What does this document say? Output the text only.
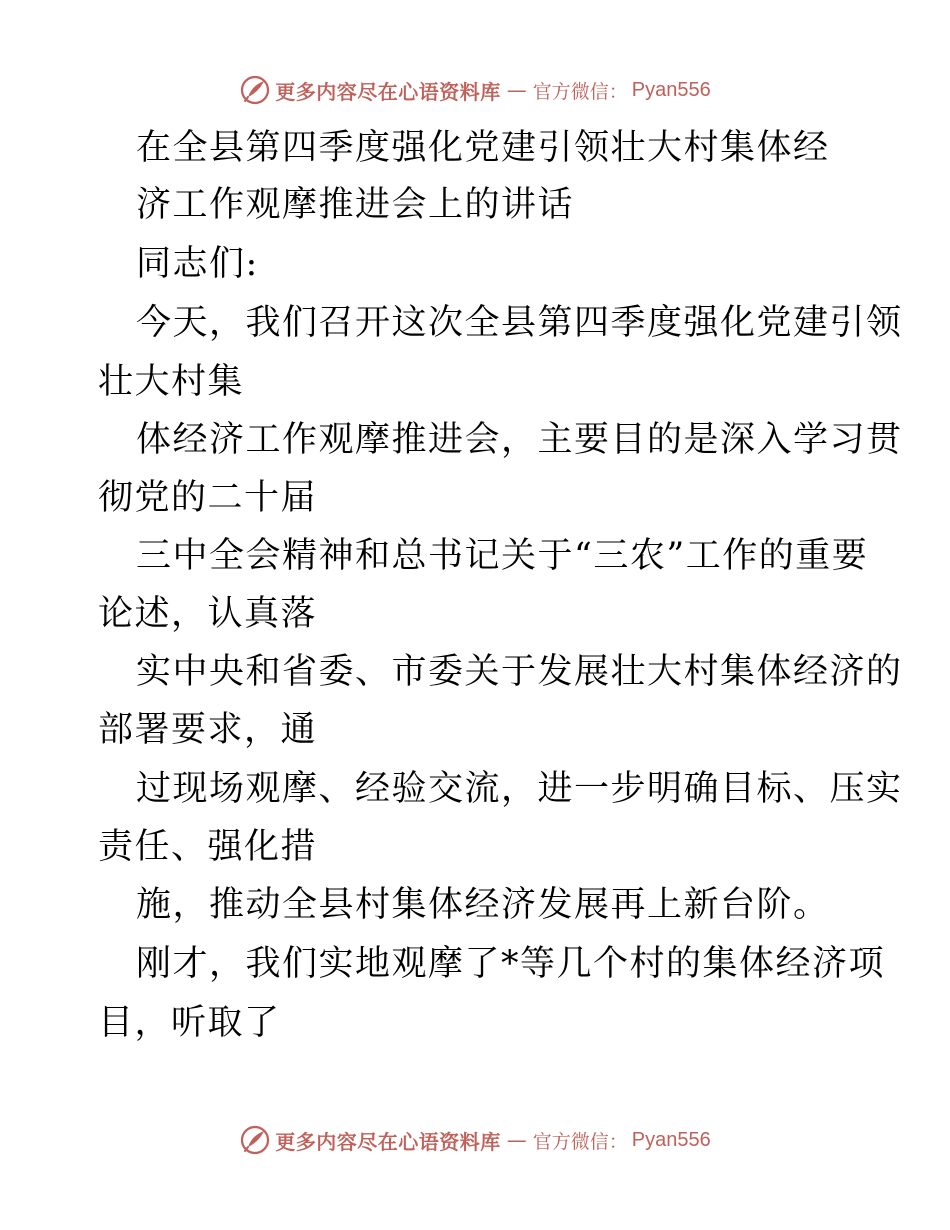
更多内容尽在心语资料库 — 官方微信： Pyan556
在全县第四季度强化党建引领壮大村集体经
济工作观摩推进会上的讲话
同志们:
今天，我们召开这次全县第四季度强化党建引领
壮大村集
体经济工作观摩推进会，主要目的是深入学习贯
彻党的二十届
三中全会精神和总书记关于“三农”工作的重要
论述，认真落
实中央和省委、市委关于发展壮大村集体经济的
部署要求，通
过现场观摩、经验交流，进一步明确目标、压实
责任、强化措
施，推动全县村集体经济发展再上新台阶。
刚才，我们实地观摩了*等几个村的集体经济项
目，听取了
更多内容尽在心语资料库 — 官方微信： Pyan556
